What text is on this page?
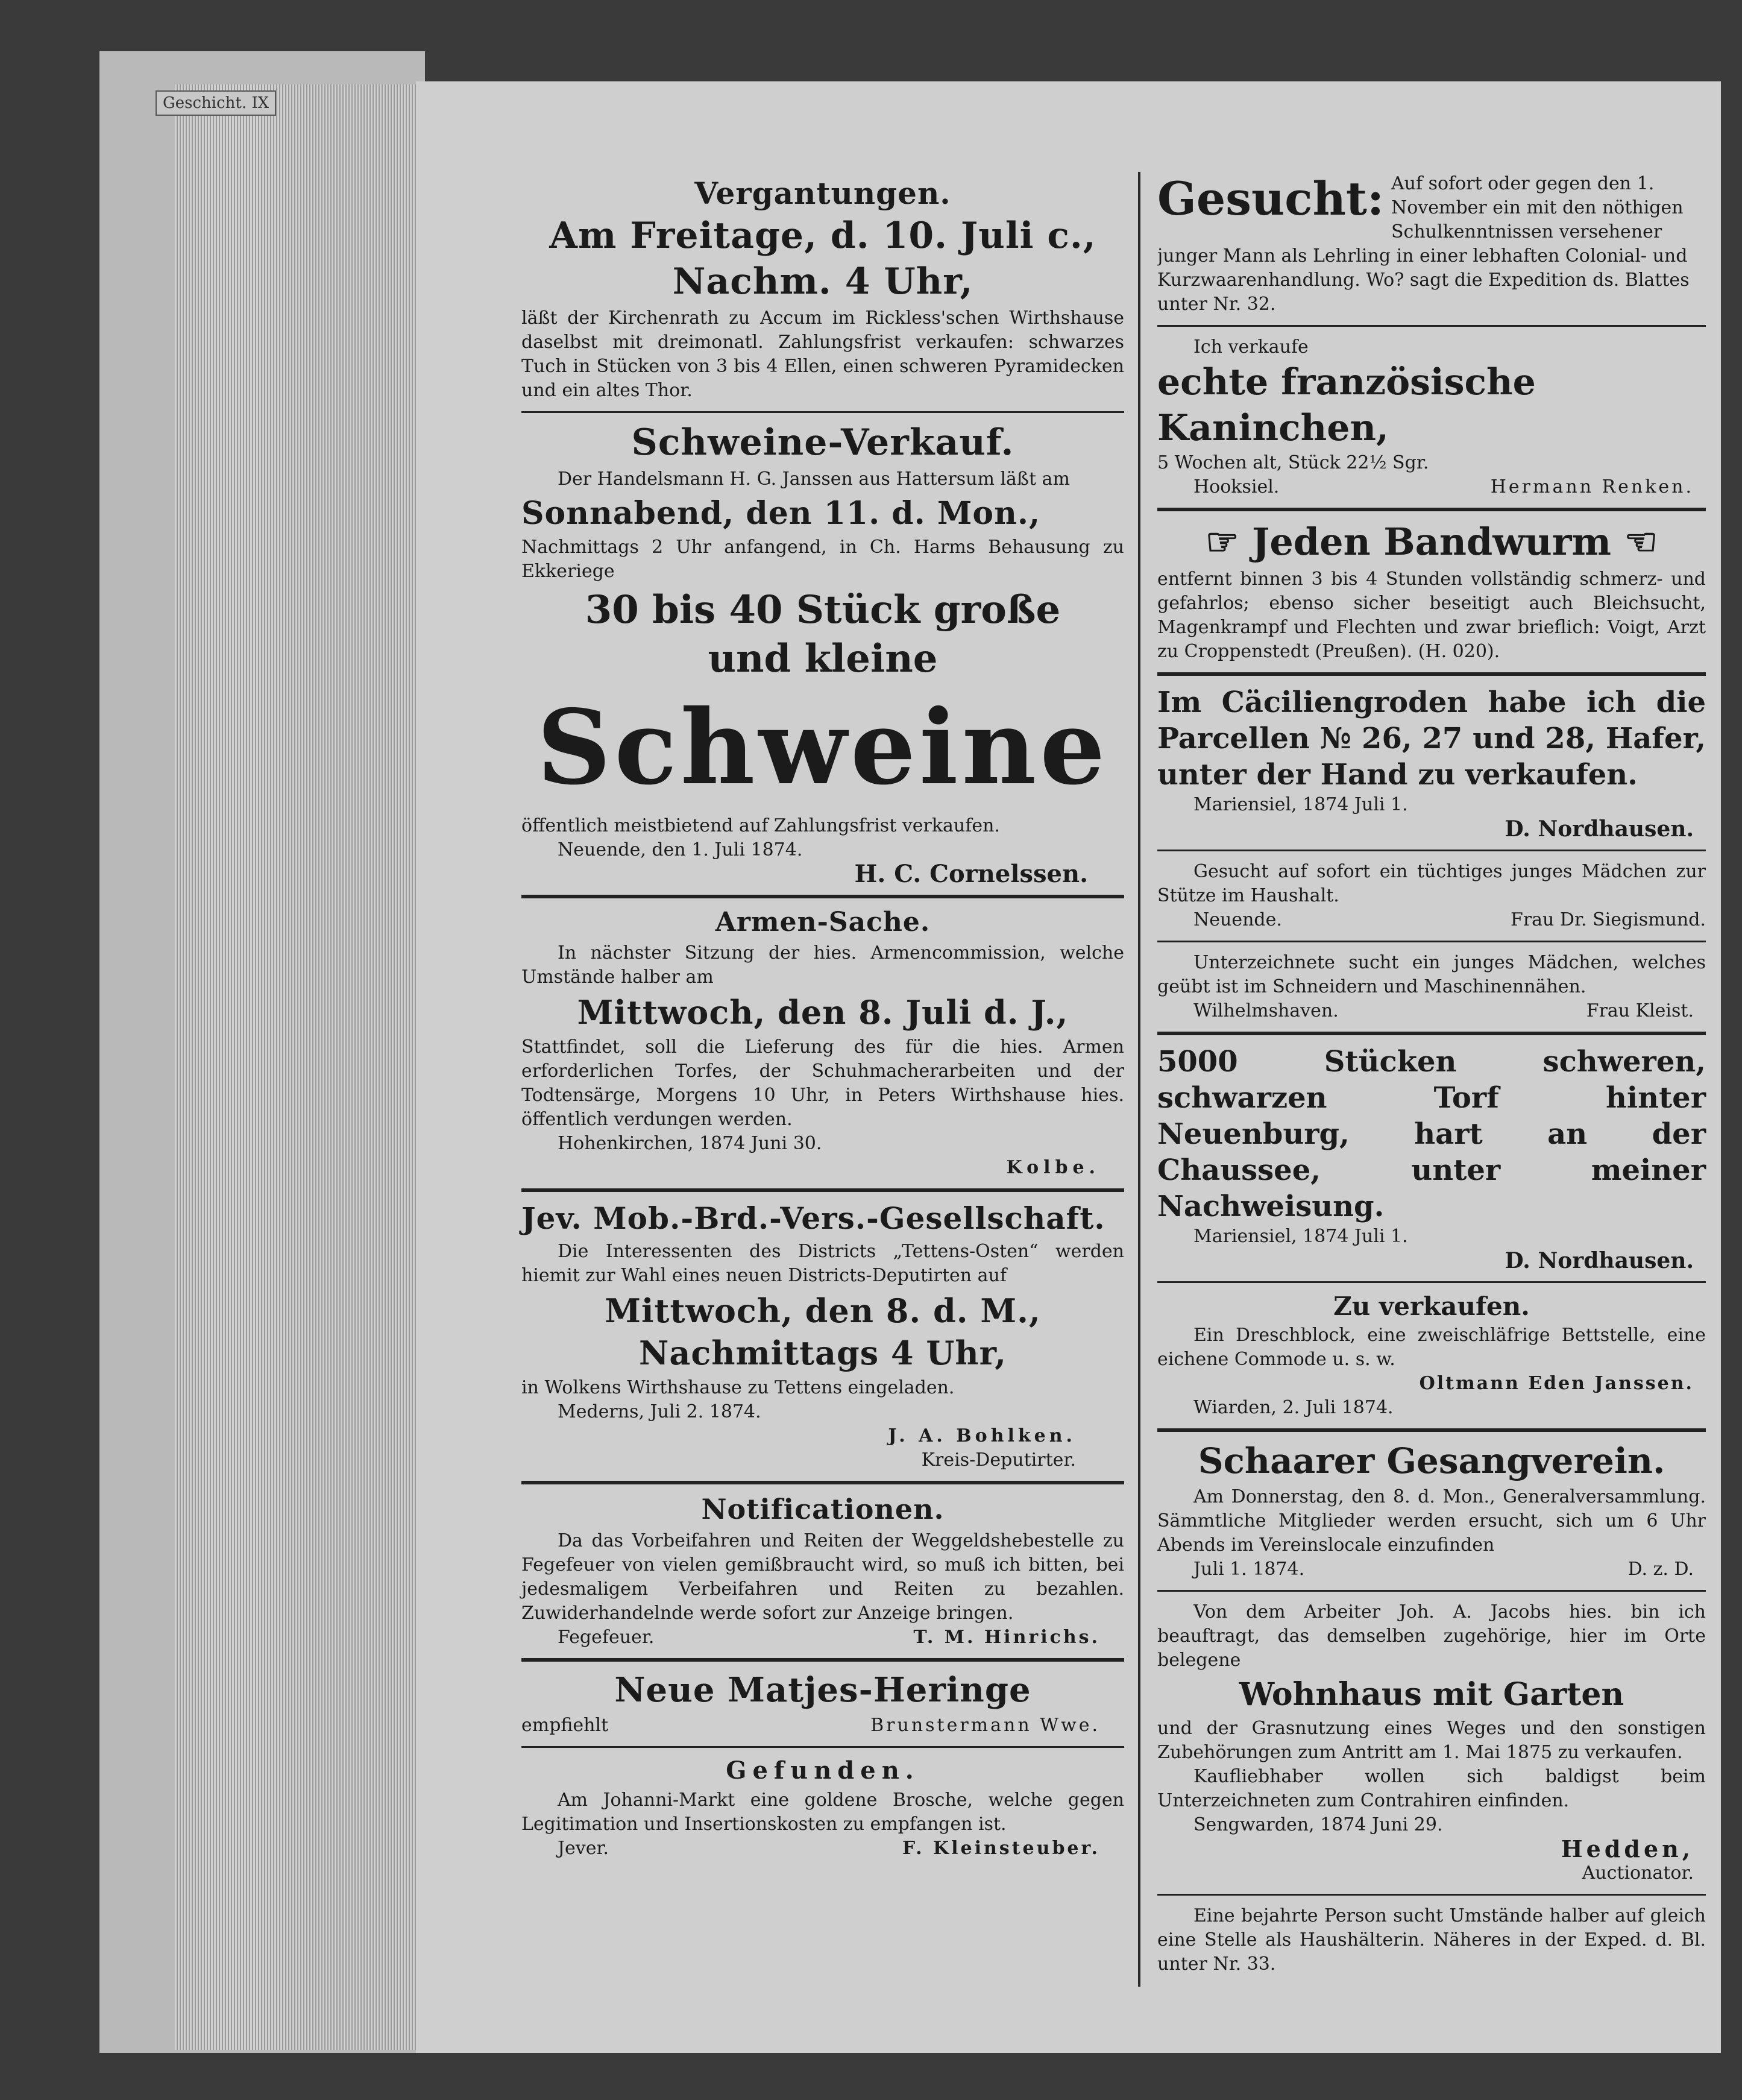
Geschicht. IX
Vergantungen.
Am Freitage, d. 10. Juli c.,
Nachm. 4 Uhr,
läßt der Kirchenrath zu Accum im Rickless'schen Wirthshause daselbst mit dreimonatl. Zahlungsfrist verkaufen: schwarzes Tuch in Stücken von 3 bis 4 Ellen, einen schweren Pyramidecken und ein altes Thor.
Schweine-Verkauf.
Der Handelsmann H. G. Janssen aus Hattersum läßt am
Sonnabend, den 11. d. Mon.,
Nachmittags 2 Uhr anfangend, in Ch. Harms Behausung zu Ekkeriege
30 bis 40 Stück große
und kleine
Schweine
öffentlich meistbietend auf Zahlungsfrist verkaufen.
Neuende, den 1. Juli 1874.
H. C. Cornelssen.
Armen-Sache.
In nächster Sitzung der hies. Armencommission, welche Umstände halber am
Mittwoch, den 8. Juli d. J.,
Stattfindet, soll die Lieferung des für die hies. Armen erforderlichen Torfes, der Schuhmacherarbeiten und der Todtensärge, Morgens 10 Uhr, in Peters Wirthshause hies. öffentlich verdungen werden.
Hohenkirchen, 1874 Juni 30.
Kolbe.
Jev. Mob.-Brd.-Vers.-Gesellschaft.
Die Interessenten des Districts „Tettens-Osten“ werden hiemit zur Wahl eines neuen Districts-Deputirten auf
Mittwoch, den 8. d. M.,
Nachmittags 4 Uhr,
in Wolkens Wirthshause zu Tettens eingeladen.
Mederns, Juli 2. 1874.
J. A. Bohlken.
Kreis-Deputirter.
Notificationen.
Da das Vorbeifahren und Reiten der Weggeldshebestelle zu Fegefeuer von vielen gemißbraucht wird, so muß ich bitten, bei jedesmaligem Verbeifahren und Reiten zu bezahlen. Zuwiderhandelnde werde sofort zur Anzeige bringen.
Fegefeuer.	T. M. Hinrichs.
Neue Matjes-Heringe
empfiehlt	Brunstermann Wwe.
Gefunden.
Am Johanni-Markt eine goldene Brosche, welche gegen Legitimation und Insertionskosten zu empfangen ist.
Jever.	F. Kleinsteuber.
Gesucht: Auf sofort oder gegen den 1. November ein mit den nöthigen Schulkenntnissen versehener junger Mann als Lehrling in einer lebhaften Colonial- und Kurzwaarenhandlung. Wo? sagt die Expedition ds. Blattes unter Nr. 32.
Ich verkaufe
echte französische Kaninchen,
5 Wochen alt, Stück 22½ Sgr.
Hooksiel.	Hermann Renken.
☞ Jeden Bandwurm ☜
entfernt binnen 3 bis 4 Stunden vollständig schmerz- und gefahrlos; ebenso sicher beseitigt auch Bleichsucht, Magenkrampf und Flechten und zwar brieflich: Voigt, Arzt zu Croppenstedt (Preußen). (H. 020).
Im Cäciliengroden habe ich die Parcellen № 26, 27 und 28, Hafer, unter der Hand zu verkaufen.
Mariensiel, 1874 Juli 1.
D. Nordhausen.
Gesucht auf sofort ein tüchtiges junges Mädchen zur Stütze im Haushalt.
Neuende.	Frau Dr. Siegismund.
Unterzeichnete sucht ein junges Mädchen, welches geübt ist im Schneidern und Maschinennähen.
Wilhelmshaven.	Frau Kleist.
5000 Stücken schweren, schwarzen Torf hinter Neuenburg, hart an der Chaussee, unter meiner Nachweisung.
Mariensiel, 1874 Juli 1.
D. Nordhausen.
Zu verkaufen.
Ein Dreschblock, eine zweischläfrige Bettstelle, eine eichene Commode u. s. w.
Oltmann Eden Janssen.
Wiarden, 2. Juli 1874.
Schaarer Gesangverein.
Am Donnerstag, den 8. d. Mon., Generalversammlung. Sämmtliche Mitglieder werden ersucht, sich um 6 Uhr Abends im Vereinslocale einzufinden
Juli 1. 1874.	D. z. D.
Von dem Arbeiter Joh. A. Jacobs hies. bin ich beauftragt, das demselben zugehörige, hier im Orte belegene
Wohnhaus mit Garten
und der Grasnutzung eines Weges und den sonstigen Zubehörungen zum Antritt am 1. Mai 1875 zu verkaufen.
Kaufliebhaber wollen sich baldigst beim Unterzeichneten zum Contrahiren einfinden.
Sengwarden, 1874 Juni 29.
Hedden,
Auctionator.
Eine bejahrte Person sucht Umstände halber auf gleich eine Stelle als Haushälterin. Näheres in der Exped. d. Bl. unter Nr. 33.
